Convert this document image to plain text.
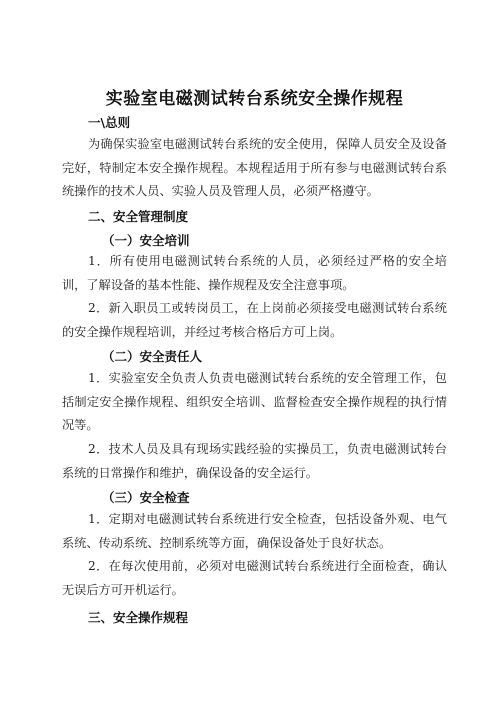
实验室电磁测试转台系统安全操作规程
一\总则
为确保实验室电磁测试转台系统的安全使用，保障人员安全及设备完好，特制定本安全操作规程。本规程适用于所有参与电磁测试转台系统操作的技术人员、实验人员及管理人员，必须严格遵守。
二、安全管理制度
（一）安全培训
1．所有使用电磁测试转台系统的人员，必须经过严格的安全培训，了解设备的基本性能、操作规程及安全注意事项。
2．新入职员工或转岗员工，在上岗前必须接受电磁测试转台系统的安全操作规程培训，并经过考核合格后方可上岗。
（二）安全责任人
1．实验室安全负责人负责电磁测试转台系统的安全管理工作，包括制定安全操作规程、组织安全培训、监督检查安全操作规程的执行情况等。
2．技术人员及具有现场实践经验的实操员工，负责电磁测试转台系统的日常操作和维护，确保设备的安全运行。
（三）安全检查
1．定期对电磁测试转台系统进行安全检查，包括设备外观、电气系统、传动系统、控制系统等方面，确保设备处于良好状态。
2．在每次使用前，必须对电磁测试转台系统进行全面检查，确认无误后方可开机运行。
三、安全操作规程
